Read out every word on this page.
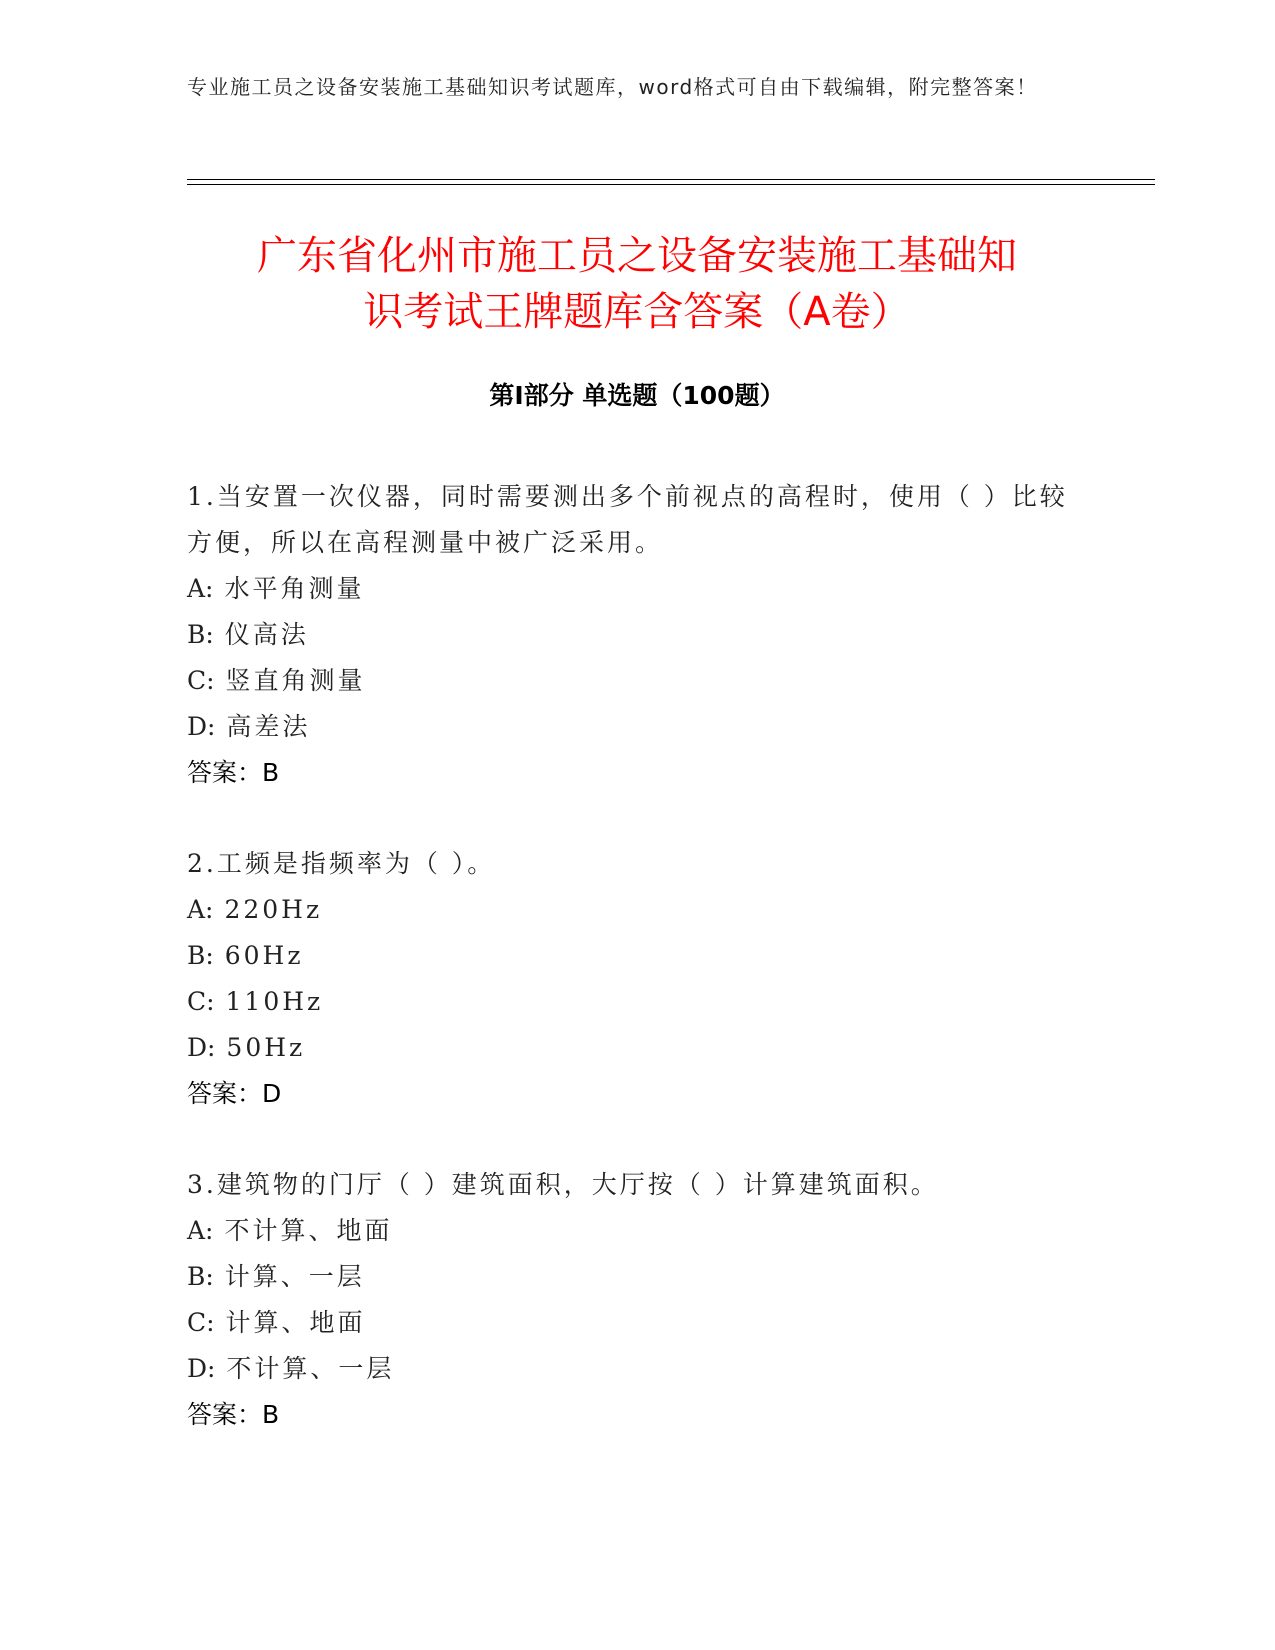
专业施工员之设备安装施工基础知识考试题库，word格式可自由下载编辑，附完整答案！
广东省化州市施工员之设备安装施工基础知
识考试王牌题库含答案（A卷）
第Ⅰ部分 单选题（100题）

1.当安置一次仪器，同时需要测出多个前视点的高程时，使用（ ）比较方便，所以在高程测量中被广泛采用。

A: 水平角测量

B: 仪高法

C: 竖直角测量

D: 高差法

答案：B

2.工频是指频率为（ ）。

A: 220Hz

B: 60Hz

C: 110Hz

D: 50Hz

答案：D

3.建筑物的门厅（ ）建筑面积，大厅按（ ）计算建筑面积。

A: 不计算、地面

B: 计算、一层

C: 计算、地面

D: 不计算、一层

答案：B
